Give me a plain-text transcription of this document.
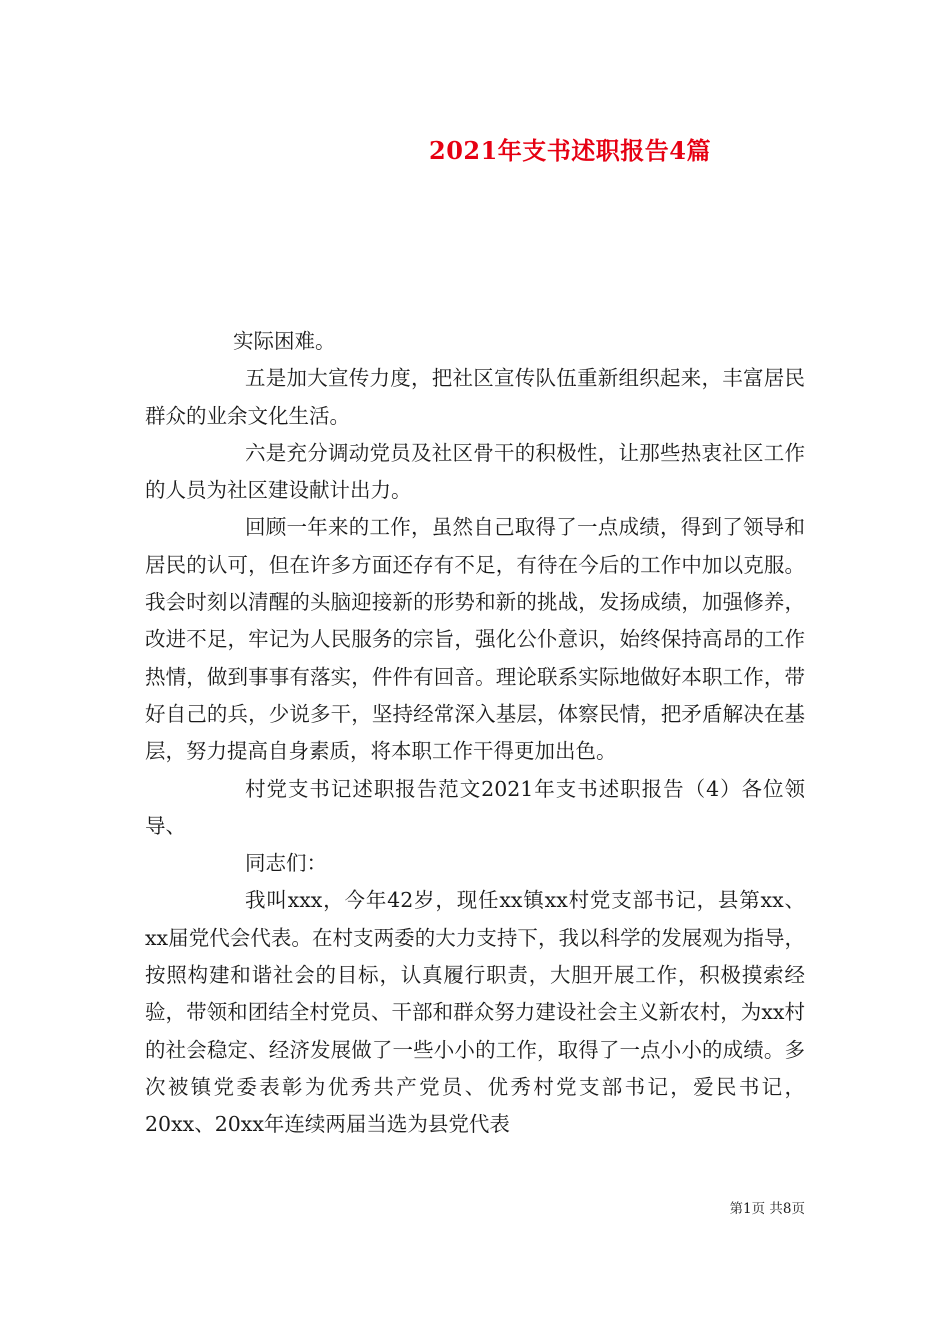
2021年支书述职报告4篇

实际困难。

五是加大宣传力度，把社区宣传队伍重新组织起来，丰富居民群众的业余文化生活。

六是充分调动党员及社区骨干的积极性，让那些热衷社区工作的人员为社区建设献计出力。

回顾一年来的工作，虽然自己取得了一点成绩，得到了领导和居民的认可，但在许多方面还存有不足，有待在今后的工作中加以克服。我会时刻以清醒的头脑迎接新的形势和新的挑战，发扬成绩，加强修养，改进不足，牢记为人民服务的宗旨，强化公仆意识，始终保持高昂的工作热情，做到事事有落实，件件有回音。理论联系实际地做好本职工作，带好自己的兵，少说多干，坚持经常深入基层，体察民情，把矛盾解决在基层，努力提高自身素质，将本职工作干得更加出色。

村党支书记述职报告范文2021年支书述职报告（4）各位领导、

同志们：

我叫xxx，今年42岁，现任xx镇xx村党支部书记，县第xx、xx届党代会代表。在村支两委的大力支持下，我以科学的发展观为指导，按照构建和谐社会的目标，认真履行职责，大胆开展工作，积极摸索经验，带领和团结全村党员、干部和群众努力建设社会主义新农村，为xx村的社会稳定、经济发展做了一些小小的工作，取得了一点小小的成绩。多次被镇党委表彰为优秀共产党员、优秀村党支部书记，爱民书记，20xx、20xx年连续两届当选为县党代表

第1页 共8页
